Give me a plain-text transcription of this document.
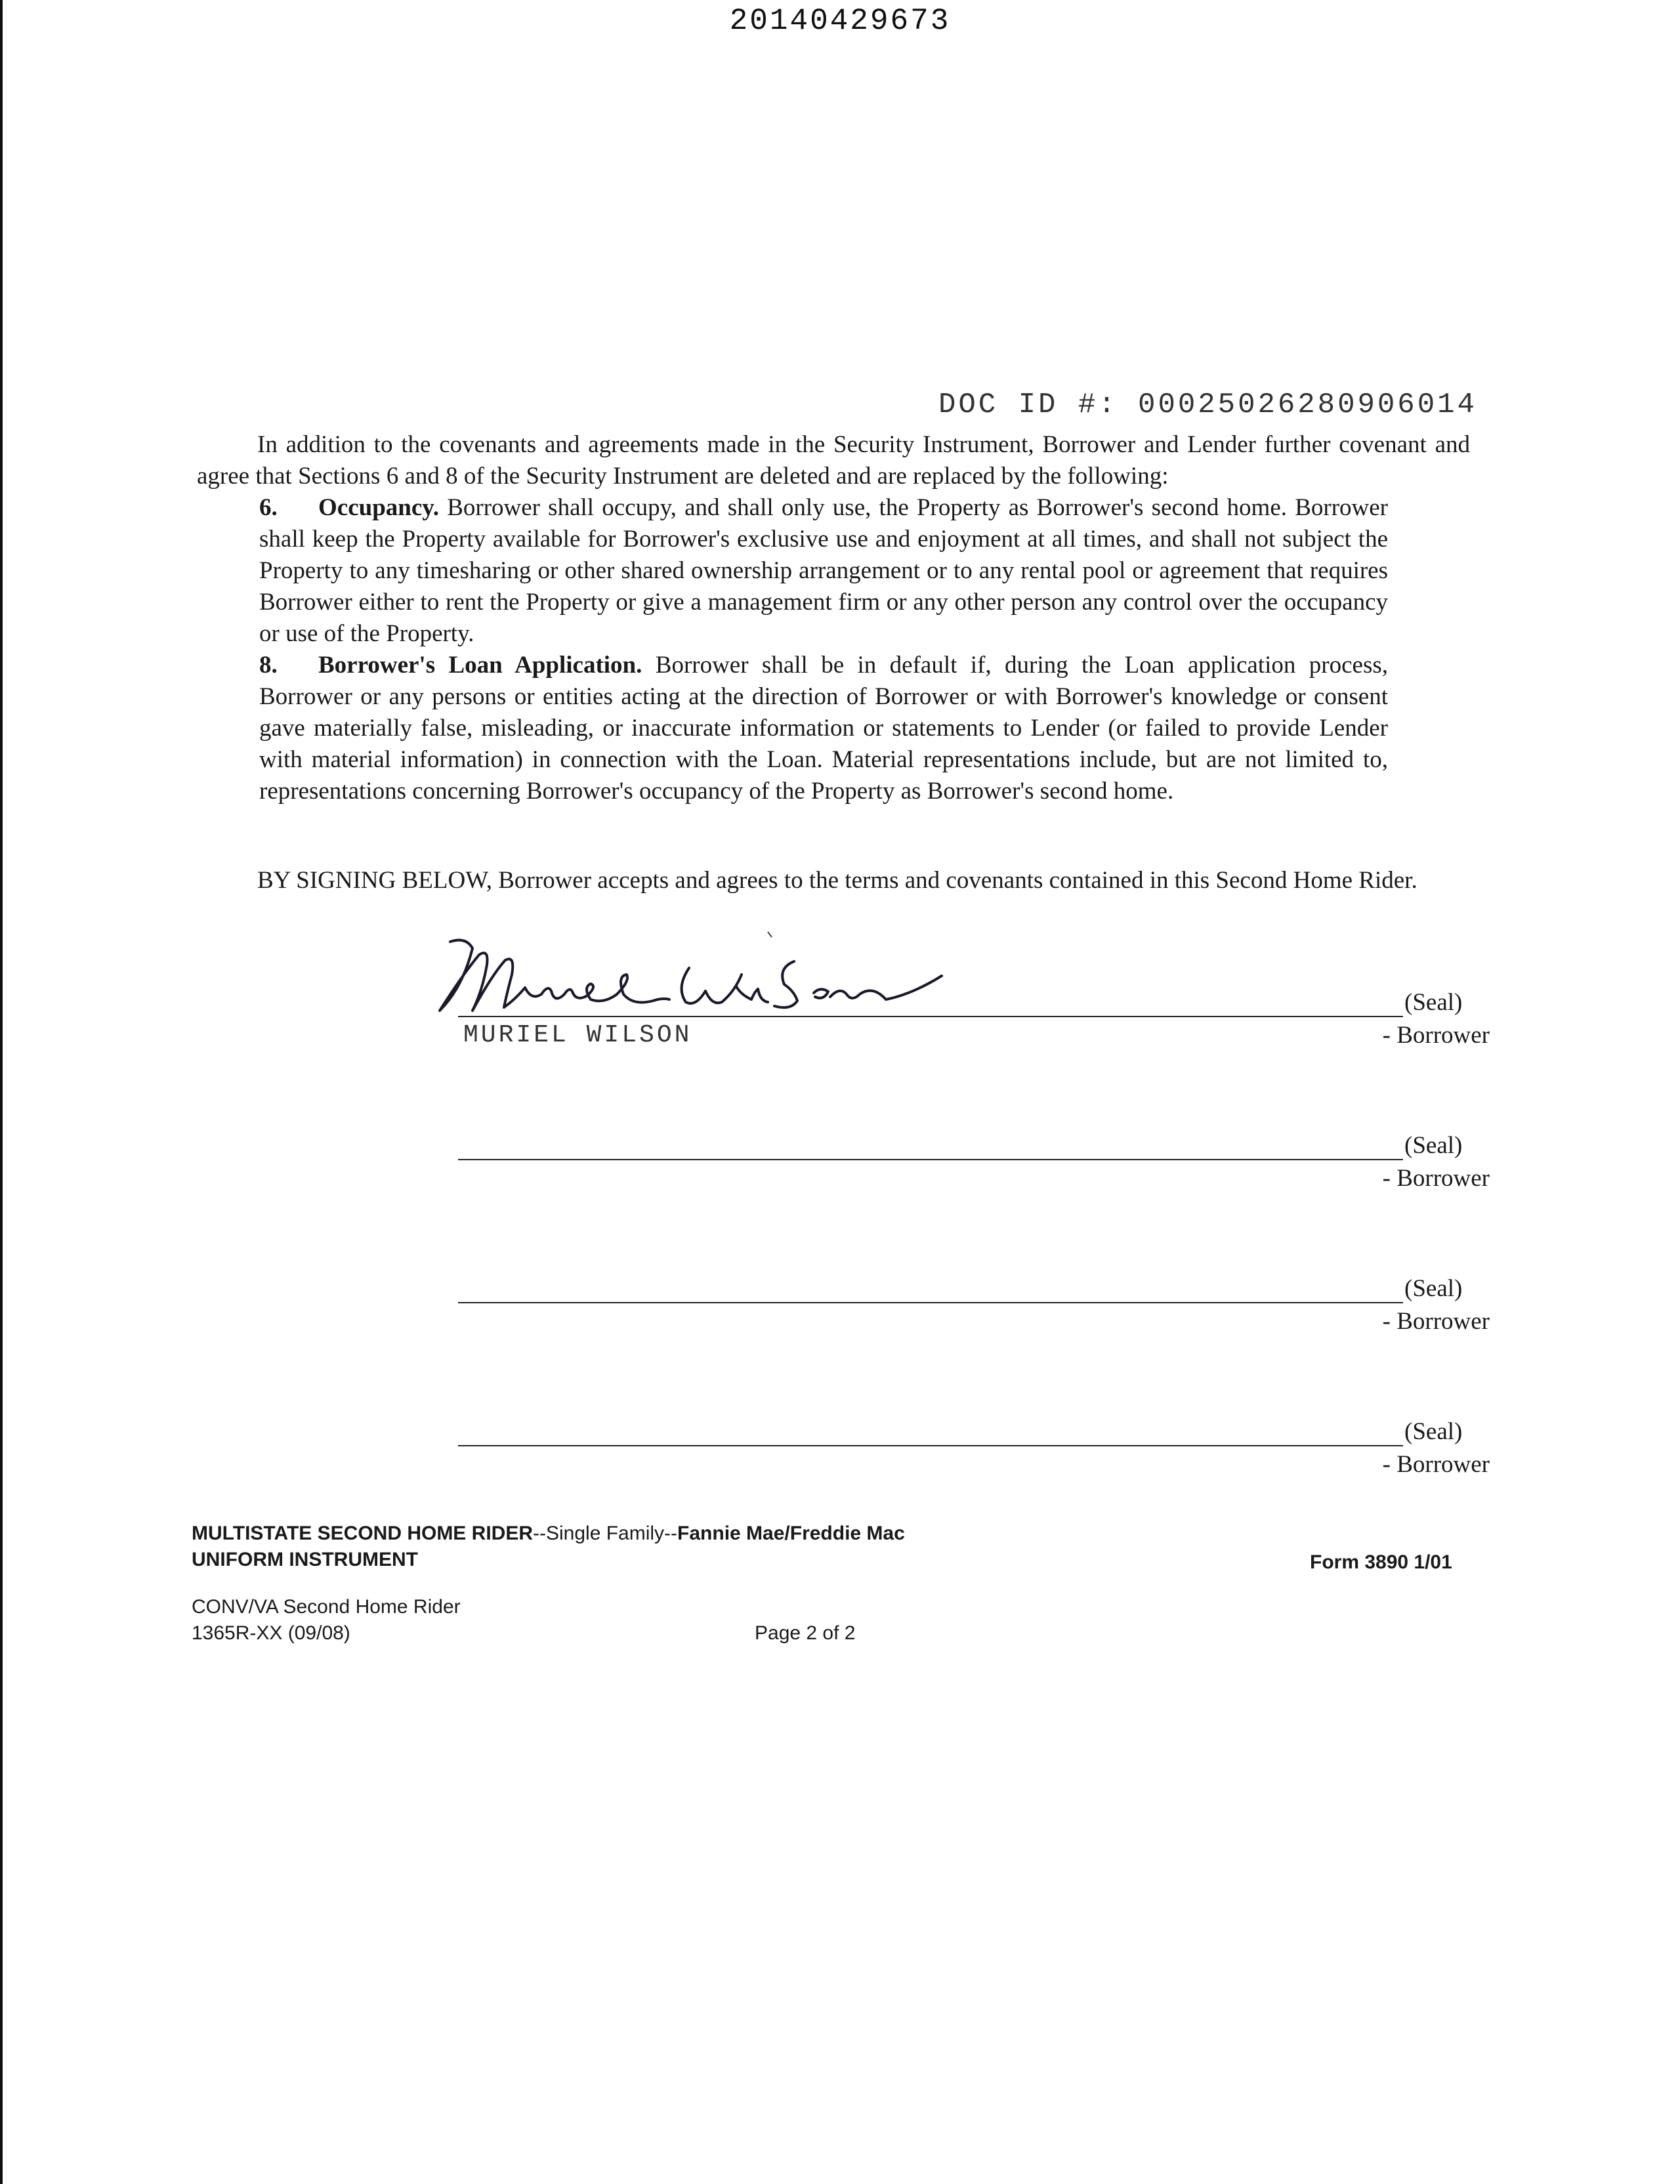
20140429673
DOC ID #: 00025026280906014
In addition to the covenants and agreements made in the Security Instrument, Borrower and Lender further covenant and agree that Sections 6 and 8 of the Security Instrument are deleted and are replaced by the following:
6. Occupancy. Borrower shall occupy, and shall only use, the Property as Borrower's second home. Borrower shall keep the Property available for Borrower's exclusive use and enjoyment at all times, and shall not subject the Property to any timesharing or other shared ownership arrangement or to any rental pool or agreement that requires Borrower either to rent the Property or give a management firm or any other person any control over the occupancy or use of the Property.
8. Borrower's Loan Application. Borrower shall be in default if, during the Loan application process, Borrower or any persons or entities acting at the direction of Borrower or with Borrower's knowledge or consent gave materially false, misleading, or inaccurate information or statements to Lender (or failed to provide Lender with material information) in connection with the Loan. Material representations include, but are not limited to, representations concerning Borrower's occupancy of the Property as Borrower's second home.
BY SIGNING BELOW, Borrower accepts and agrees to the terms and covenants contained in this Second Home Rider.
(Seal)
- Borrower
MURIEL WILSON
(Seal)
- Borrower
(Seal)
- Borrower
(Seal)
- Borrower
MULTISTATE SECOND HOME RIDER--Single Family--Fannie Mae/Freddie Mac
UNIFORM INSTRUMENT	Form 3890 1/01
CONV/VA Second Home Rider
1365R-XX (09/08)	Page 2 of 2
